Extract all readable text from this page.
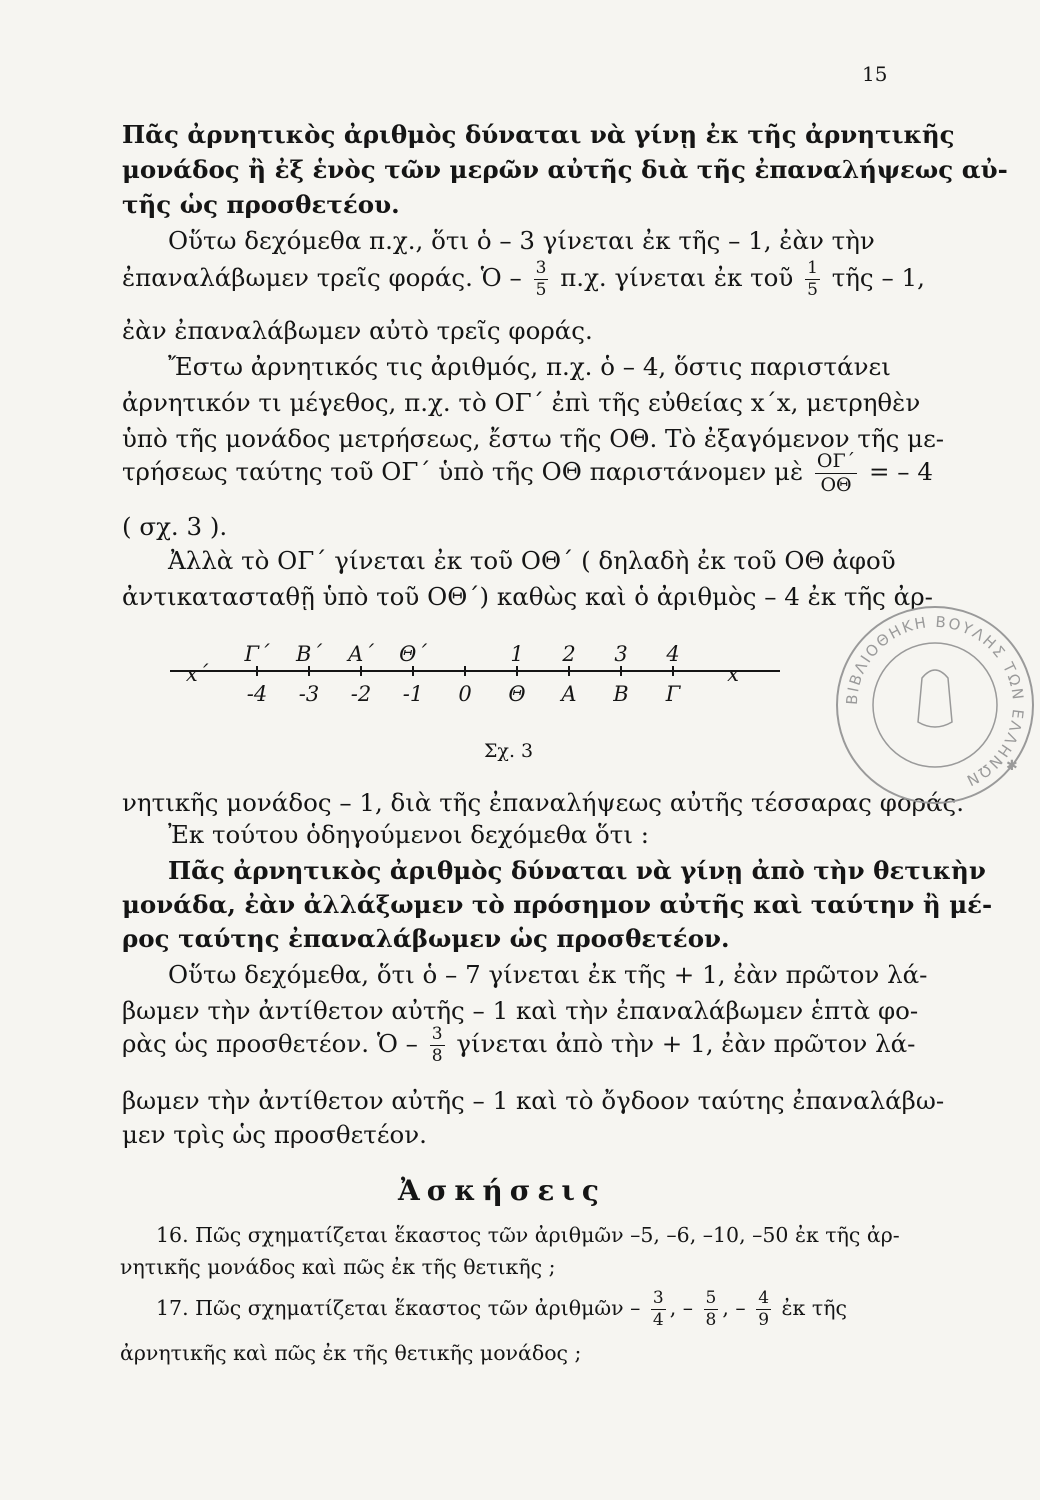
15
Πᾶς ἀρνητικὸς ἀριθμὸς δύναται νὰ γίνῃ ἐκ τῆς ἀρνητικῆς
μονάδος ἢ ἐξ ἑνὸς τῶν μερῶν αὐτῆς διὰ τῆς ἐπαναλήψεως αὐ-
τῆς ὡς προσθετέου.
Οὕτω δεχόμεθα π.χ., ὅτι ὁ – 3 γίνεται ἐκ τῆς – 1, ἐὰν τὴν
ἐπαναλάβωμεν τρεῖς φοράς. Ὁ – $\frac{3}{5} \pi.\chi$. γίνεται ἐκ τοῦ $\frac{1}{5}$ τῆς – 1,
ἐὰν ἐπαναλάβωμεν αὐτὸ τρεῖς φοράς.
Ἔστω ἀρνητικός τις ἀριθμός, π.χ. ὁ – 4, ὅστις παριστάνει
ἀρνητικόν τι μέγεθος, π.χ. τὸ ΟΓ΄ ἐπὶ τῆς εὐθείας x΄x, μετρηθὲν
ὑπὸ τῆς μονάδος μετρήσεως, ἔστω τῆς ΟΘ. Τὸ ἐξαγόμενον τῆς με-
τρήσεως ταύτης τοῦ ΟΓ΄ ὑπὸ τῆς ΟΘ παριστάνομεν μὲ $\frac{O\Gamma΄}{O\Theta}$ = – 4
( σχ. 3 ).
Ἀλλὰ τὸ ΟΓ΄ γίνεται ἐκ τοῦ ΟΘ΄ ( δηλαδὴ ἐκ τοῦ ΟΘ ἀφοῦ
ἀντικατασταθῇ ὑπὸ τοῦ ΟΘ΄) καθὼς καὶ ὁ ἀριθμὸς – 4 ἐκ τῆς ἀρ-
Γ΄ Β΄ Α΄ Θ΄	1 2 3 4
x΄
-4 -3 -2 -1 0 Θ Α Β Γ
x
Σχ. 3
νητικῆς μονάδος – 1, διὰ τῆς ἐπαναλήψεως αὐτῆς τέσσαρας φοράς.
Ἐκ τούτου ὁδηγούμενοι δεχόμεθα ὅτι :
Πᾶς ἀρνητικὸς ἀριθμὸς δύναται νὰ γίνῃ ἀπὸ τὴν θετικὴν
μονάδα, ἐὰν ἀλλάξωμεν τὸ πρόσημον αὐτῆς καὶ ταύτην ἢ μέ-
ρος ταύτης ἐπαναλάβωμεν ὡς προσθετέον.
Οὕτω δεχόμεθα, ὅτι ὁ – 7 γίνεται ἐκ τῆς + 1, ἐὰν πρῶτον λά-
βωμεν τὴν ἀντίθετον αὐτῆς – 1 καὶ τὴν ἐπαναλάβωμεν ἑπτὰ φο-
ρὰς ὡς προσθετέον. Ὁ – $\frac{3}{8}$ γίνεται ἀπὸ τὴν + 1, ἐὰν πρῶτον λά-
βωμεν τὴν ἀντίθετον αὐτῆς – 1 καὶ τὸ ὄγδοον ταύτης ἐπαναλάβω-
μεν τρὶς ὡς προσθετέον.
Ἀσκήσεις
16. Πῶς σχηματίζεται ἕκαστος τῶν ἀριθμῶν –5, –6, –10, –50 ἐκ τῆς ἀρ-
νητικῆς μονάδος καὶ πῶς ἐκ τῆς θετικῆς ;
17. Πῶς σχηματίζεται ἕκαστος τῶν ἀριθμῶν – $\frac{3}{4}$ , – $\frac{5}{8}$ , – $\frac{4}{9}$ ἐκ τῆς
ἀρνητικῆς καὶ πῶς ἐκ τῆς θετικῆς μονάδος ;
ΒΙΒΛΙΟΘΗΚΗ ΒΟΥΛΗΣ ΤΩΝ ΕΛΛΗΝΩΝ
✱
